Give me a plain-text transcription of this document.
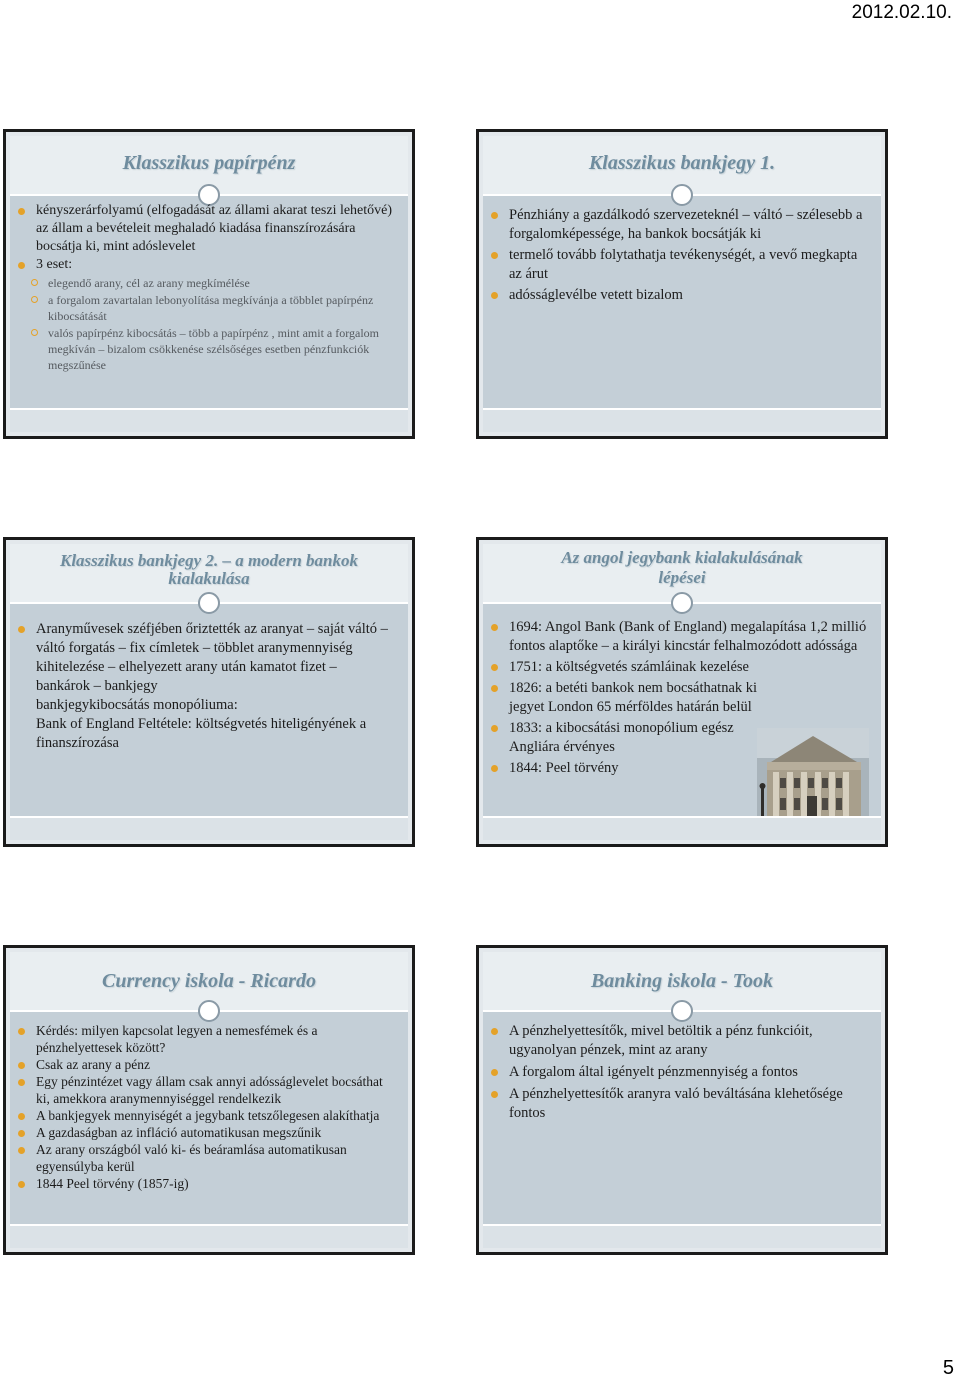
2012.02.10.
Klasszikus papírpénz
kényszerárfolyamú (elfogadását az állami akarat teszi lehetővé) az állam a bevételeit meghaladó kiadása finanszírozására bocsátja ki, mint adóslevelet
3 eset:
elegendő arany, cél az arany megkímélése
a forgalom zavartalan lebonyolítása megkívánja a többlet papírpénz kibocsátását
valós papírpénz kibocsátás – több a papírpénz , mint amit a forgalom megkíván – bizalom csökkenése szélsőséges esetben pénzfunkciók megszűnése
Klasszikus bankjegy 1.
Pénzhiány a gazdálkodó szervezeteknél – váltó – szélesebb a forgalomképessége, ha bankok bocsátják ki
termelő tovább folytathatja tevékenységét, a vevő megkapta az árut
adósságlevélbe vetett bizalom
Klasszikus bankjegy 2. – a modern bankok
kialakulása
Aranyművesek széfjében őriztették az aranyat – saját váltó – váltó forgatás – fix címletek – többlet aranymennyiség kihitelezése – elhelyezett arany után kamatot fizet – bankárok – bankjegy
bankjegykibocsátás monopóliuma:
Bank of England Feltétele: költségvetés hiteligényének a finanszírozása
Az angol jegybank kialakulásának
lépései
1694: Angol Bank (Bank of England) megalapítása 1,2 millió fontos alaptőke – a királyi kincstár felhalmozódott adóssága
1751: a költségvetés számláinak kezelése
1826: a betéti bankok nem bocsáthatnak ki jegyet London 65 mérföldes határán belül
1833: a kibocsátási monopólium egész Angliára érvényes
1844: Peel törvény
Currency iskola - Ricardo
Kérdés: milyen kapcsolat legyen a nemesfémek és a pénzhelyettesek között?
Csak az arany a pénz
Egy pénzintézet vagy állam csak annyi adósságlevelet bocsáthat ki, amekkora aranymennyiséggel rendelkezik
A bankjegyek mennyiségét a jegybank tetszőlegesen alakíthatja
A gazdaságban az infláció automatikusan megszűnik
Az arany országból való ki- és beáramlása automatikusan egyensúlyba kerül
1844 Peel törvény (1857-ig)
Banking iskola - Took
A pénzhelyettesítők, mivel betöltik a pénz funkcióit, ugyanolyan pénzek, mint az arany
A forgalom által igényelt pénzmennyiség a fontos
A pénzhelyettesítők aranyra való beváltásána klehetősége fontos
5
